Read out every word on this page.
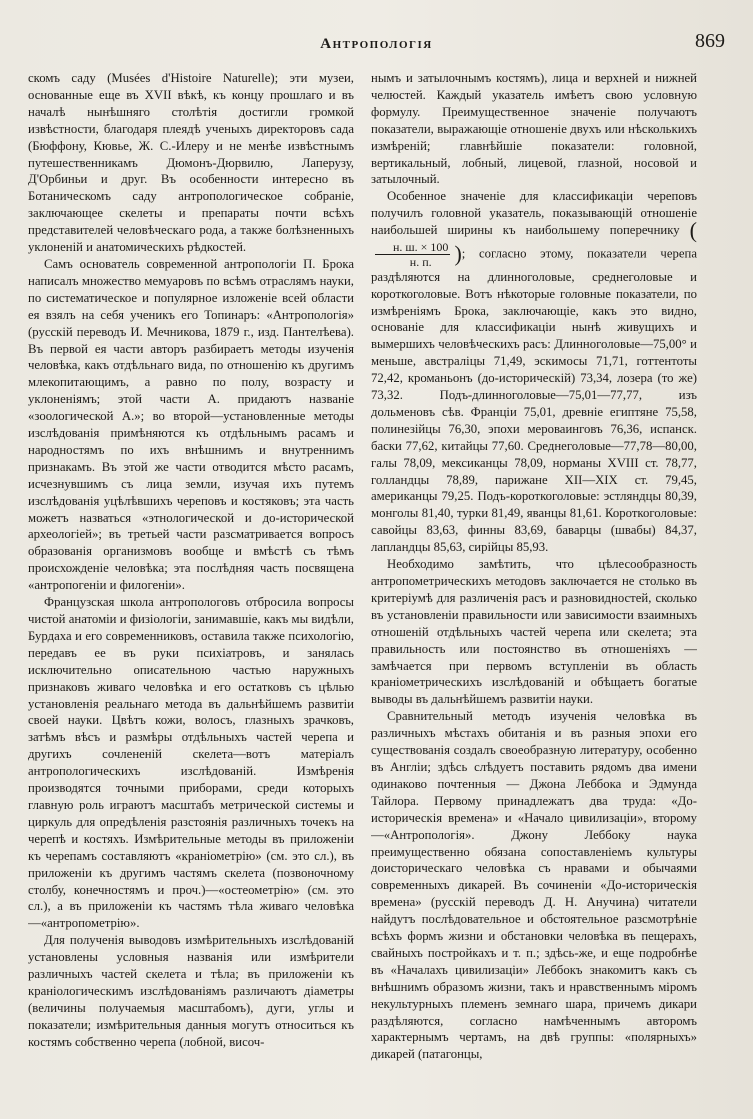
Антропологія	869

скомъ саду (Musées d'Histoire Naturelle); эти музеи, основанные еще въ XVII вѣкѣ, къ концу прошлаго и въ началѣ нынѣшняго столѣтія достигли громкой извѣстности, благодаря плеядѣ ученыхъ директоровъ сада (Бюффону, Кювье, Ж. С.-Илеру и не менѣе извѣстнымъ путешественникамъ Дюмонъ-Дюрвилю, Лаперузу, Д'Орбиньи и друг. Въ особенности интересно въ Ботаническомъ саду антропологическое собраніе, заключающее скелеты и препараты почти всѣхъ представителей человѣческаго рода, а также болѣзненныхъ уклоненій и анатомическихъ рѣдкостей.

Самъ основатель современной антропологіи П. Брока написалъ множество мемуаровъ по всѣмъ отраслямъ науки, по систематическое и популярное изложеніе всей области ея взялъ на себя ученикъ его Топинаръ: «Антропологія» (русскій переводъ И. Мечникова, 1879 г., изд. Пантелѣева). Въ первой ея части авторъ разбираетъ методы изученія человѣка, какъ отдѣльнаго вида, по отношенію къ другимъ млекопитающимъ, а равно по полу, возрасту и уклоненіямъ; этой части А. придаютъ названіе «зоологической А.»; во второй—установленные методы изслѣдованія примѣняются къ отдѣльнымъ расамъ и народностямъ по ихъ внѣшнимъ и внутреннимъ признакамъ. Въ этой же части отводится мѣсто расамъ, исчезнувшимъ съ лица земли, изучая ихъ путемъ изслѣдованія уцѣлѣвшихъ череповъ и костяковъ; эта часть можетъ назваться «этнологической и до-исторической археологіей»; въ третьей части разсматривается вопросъ образованія организмовъ вообще и вмѣстѣ съ тѣмъ происхожденіе человѣка; эта послѣдняя часть посвящена «антропогеніи и филогеніи».

Французская школа антропологовъ отбросила вопросы чистой анатоміи и физіологіи, занимавшіе, какъ мы видѣли, Бурдаха и его современниковъ, оставила также психологію, передавъ ее въ руки психіатровъ, и занялась исключительно описательною частью наружныхъ признаковъ живаго человѣка и его остатковъ съ цѣлью установленія реальнаго метода въ дальнѣйшемъ развитіи своей науки. Цвѣтъ кожи, волосъ, глазныхъ зрачковъ, затѣмъ вѣсъ и размѣры отдѣльныхъ частей черепа и другихъ сочлененій скелета—вотъ матеріалъ антропологическихъ изслѣдованій. Измѣренія производятся точными приборами, среди которыхъ главную роль играютъ масштабъ метрической системы и циркуль для опредѣленія разстоянія различныхъ точекъ на черепѣ и костяхъ. Измѣрительные методы въ приложеніи къ черепамъ составляютъ «краніометрію» (см. это сл.), въ приложеніи къ другимъ частямъ скелета (позвоночному столбу, конечностямъ и проч.)—«остеометрію» (см. это сл.), а въ приложеніи къ частямъ тѣла живаго человѣка—«антропометрію».

Для полученія выводовъ измѣрительныхъ изслѣдованій установлены условныя названія или измѣрители различныхъ частей скелета и тѣла; въ приложеніи къ краніологическимъ изслѣдованіямъ различаютъ діаметры (величины получаемыя масштабомъ), дуги, углы и показатели; измѣрительныя данныя могутъ относиться къ костямъ собственно черепа (лобной, височ-

нымъ и затылочнымъ костямъ), лица и верхней и нижней челюстей. Каждый указатель имѣетъ свою условную формулу. Преимущественное значеніе получаютъ показатели, выражающіе отношеніе двухъ или нѣсколькихъ измѣреній; главнѣйшіе показатели: головной, вертикальный, лобный, лицевой, глазной, носовой и затылочный.

Особенное значеніе для классификаціи череповъ получилъ головной указатель, показывающій отношеніе наибольшей ширины къ наибольшему поперечнику (
$\frac{н. ш. \times 100}{н. п.}$ ); согласно этому, показатели черепа раздѣляются на длинноголовые, среднеголовые и короткоголовые. Вотъ нѣкоторые головные показатели, по измѣреніямъ Брока, заключающіе, какъ это видно, основаніе для классификаціи нынѣ живущихъ и вымершихъ человѣческихъ расъ: Длинноголовые—75,00° и меньше, австраліцы 71,49, эскимосы 71,71, готтентоты 72,42, кроманьонъ (до-историческій) 73,34, лозера (то же) 73,32. Подъ-длинноголовые—75,01—77,77, изъ дольменовъ сѣв. Франціи 75,01, древніе египтяне 75,58, полинезійцы 76,30, эпохи мероваинговъ 76,36, испанск. баски 77,62, китайцы 77,60. Среднеголовые—77,78—80,00, галы 78,09, мексиканцы 78,09, норманы XVIII ст. 78,77, голландцы 78,89, парижане XII—XIX ст. 79,45, американцы 79,25. Подъ-короткоголовые: эстляндцы 80,39, монголы 81,40, турки 81,49, яванцы 81,61. Короткоголовые: савойцы 83,63, финны 83,69, баварцы (швабы) 84,37, лапландцы 85,63, сирійцы 85,93.

Необходимо замѣтить, что цѣлесообразность антропометрическихъ методовъ заключается не столько въ критеріумѣ для различенія расъ и разновидностей, сколько въ установленіи правильности или зависимости взаимныхъ отношеній отдѣльныхъ частей черепа или скелета; эта правильность или постоянство въ отношеніяхъ — замѣчается при первомъ вступленіи въ область краніометрическихъ изслѣдованій и обѣщаетъ богатые выводы въ дальнѣйшемъ развитіи науки.

Сравнительный методъ изученія человѣка въ различныхъ мѣстахъ обитанія и въ разныя эпохи его существованія создалъ своеобразную литературу, особенно въ Англіи; здѣсь слѣдуетъ поставить рядомъ два имени одинаково почтенныя — Джона Леббока и Эдмунда Тайлора. Первому принадлежатъ два труда: «До-историческія времена» и «Начало цивилизаціи», второму—«Антропологія». Джону Леббоку наука преимущественно обязана сопоставленіемъ культуры доисторическаго человѣка съ нравами и обычаями современныхъ дикарей. Въ сочиненіи «До-историческія времена» (русскій переводъ Д. Н. Анучина) читатели найдутъ послѣдовательное и обстоятельное разсмотрѣніе всѣхъ формъ жизни и обстановки человѣка въ пещерахъ, свайныхъ постройкахъ и т. п.; здѣсь-же, и еще подробнѣе въ «Началахъ цивилизаціи» Леббокъ знакомитъ какъ съ внѣшнимъ образомъ жизни, такъ и нравственнымъ міромъ некультурныхъ племенъ земнаго шара, причемъ дикари раздѣляются, согласно намѣченнымъ авторомъ характернымъ чертамъ, на двѣ группы: «полярныхъ» дикарей (патагонцы,
